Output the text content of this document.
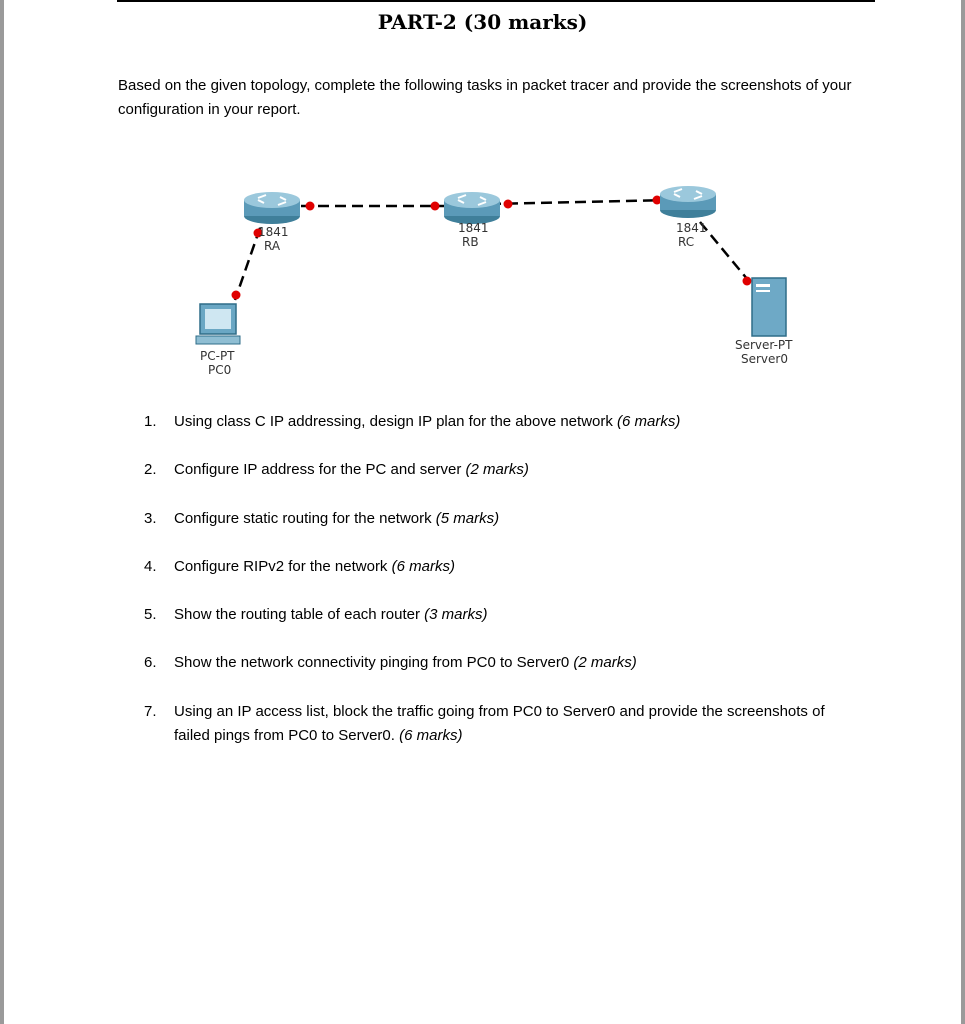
PART-2 (30 marks)
Based on the given topology, complete the following tasks in packet tracer and provide the screenshots of your configuration in your report.
1841
RA
1841
RB
1841
RC
PC-PT
PC0
Server-PT
Server0
1.	Using class C IP addressing, design IP plan for the above network (6 marks)
2.	Configure IP address for the PC and server (2 marks)
3.	Configure static routing for the network (5 marks)
4.	Configure RIPv2 for the network (6 marks)
5.	Show the routing table of each router (3 marks)
6.	Show the network connectivity pinging from PC0 to Server0 (2 marks)
7.	Using an IP access list, block the traffic going from PC0 to Server0 and provide the screenshots of failed pings from PC0 to Server0. (6 marks)
